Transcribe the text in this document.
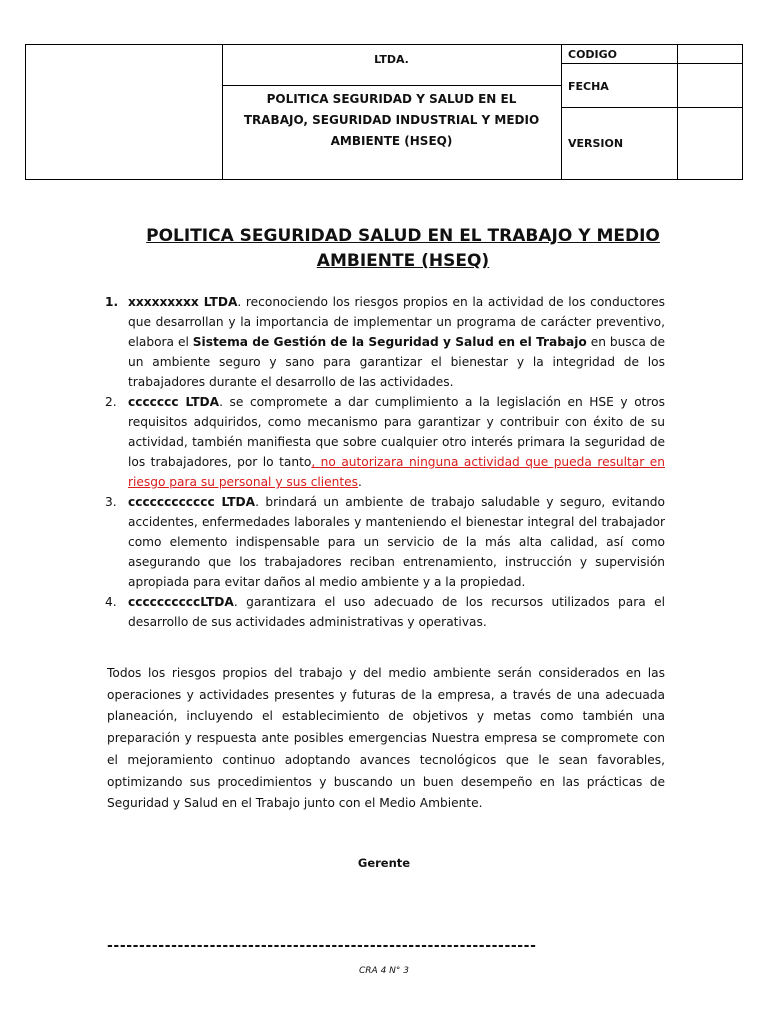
LTDA.
POLITICA SEGURIDAD Y SALUD EN EL TRABAJO, SEGURIDAD INDUSTRIAL Y MEDIO AMBIENTE (HSEQ)
CODIGO
FECHA
VERSION
POLITICA SEGURIDAD SALUD EN EL TRABAJO Y MEDIO AMBIENTE (HSEQ)
1. xxxxxxxxx LTDA. reconociendo los riesgos propios en la actividad de los conductores que desarrollan y la importancia de implementar un programa de carácter preventivo, elabora el Sistema de Gestión de la Seguridad y Salud en el Trabajo en busca de un ambiente seguro y sano para garantizar el bienestar y la integridad de los trabajadores durante el desarrollo de las actividades.
2. ccccccc LTDA. se compromete a dar cumplimiento a la legislación en HSE y otros requisitos adquiridos, como mecanismo para garantizar y contribuir con éxito de su actividad, también manifiesta que sobre cualquier otro interés primara la seguridad de los trabajadores, por lo tanto, no autorizara ninguna actividad que pueda resultar en riesgo para su personal y sus clientes.
3. cccccccccccc LTDA. brindará un ambiente de trabajo saludable y seguro, evitando accidentes, enfermedades laborales y manteniendo el bienestar integral del trabajador como elemento indispensable para un servicio de la más alta calidad, así como asegurando que los trabajadores reciban entrenamiento, instrucción y supervisión apropiada para evitar daños al medio ambiente y a la propiedad.
4. ccccccccccLTDA. garantizara el uso adecuado de los recursos utilizados para el desarrollo de sus actividades administrativas y operativas.
Todos los riesgos propios del trabajo y del medio ambiente serán considerados en las operaciones y actividades presentes y futuras de la empresa, a través de una adecuada planeación, incluyendo el establecimiento de objetivos y metas como también una preparación y respuesta ante posibles emergencias Nuestra empresa se compromete con el mejoramiento continuo adoptando avances tecnológicos que le sean favorables, optimizando sus procedimientos y buscando un buen desempeño en las prácticas de Seguridad y Salud en el Trabajo junto con el Medio Ambiente.
Gerente
-------------------------------------------------------------------
CRA 4 N° 3
